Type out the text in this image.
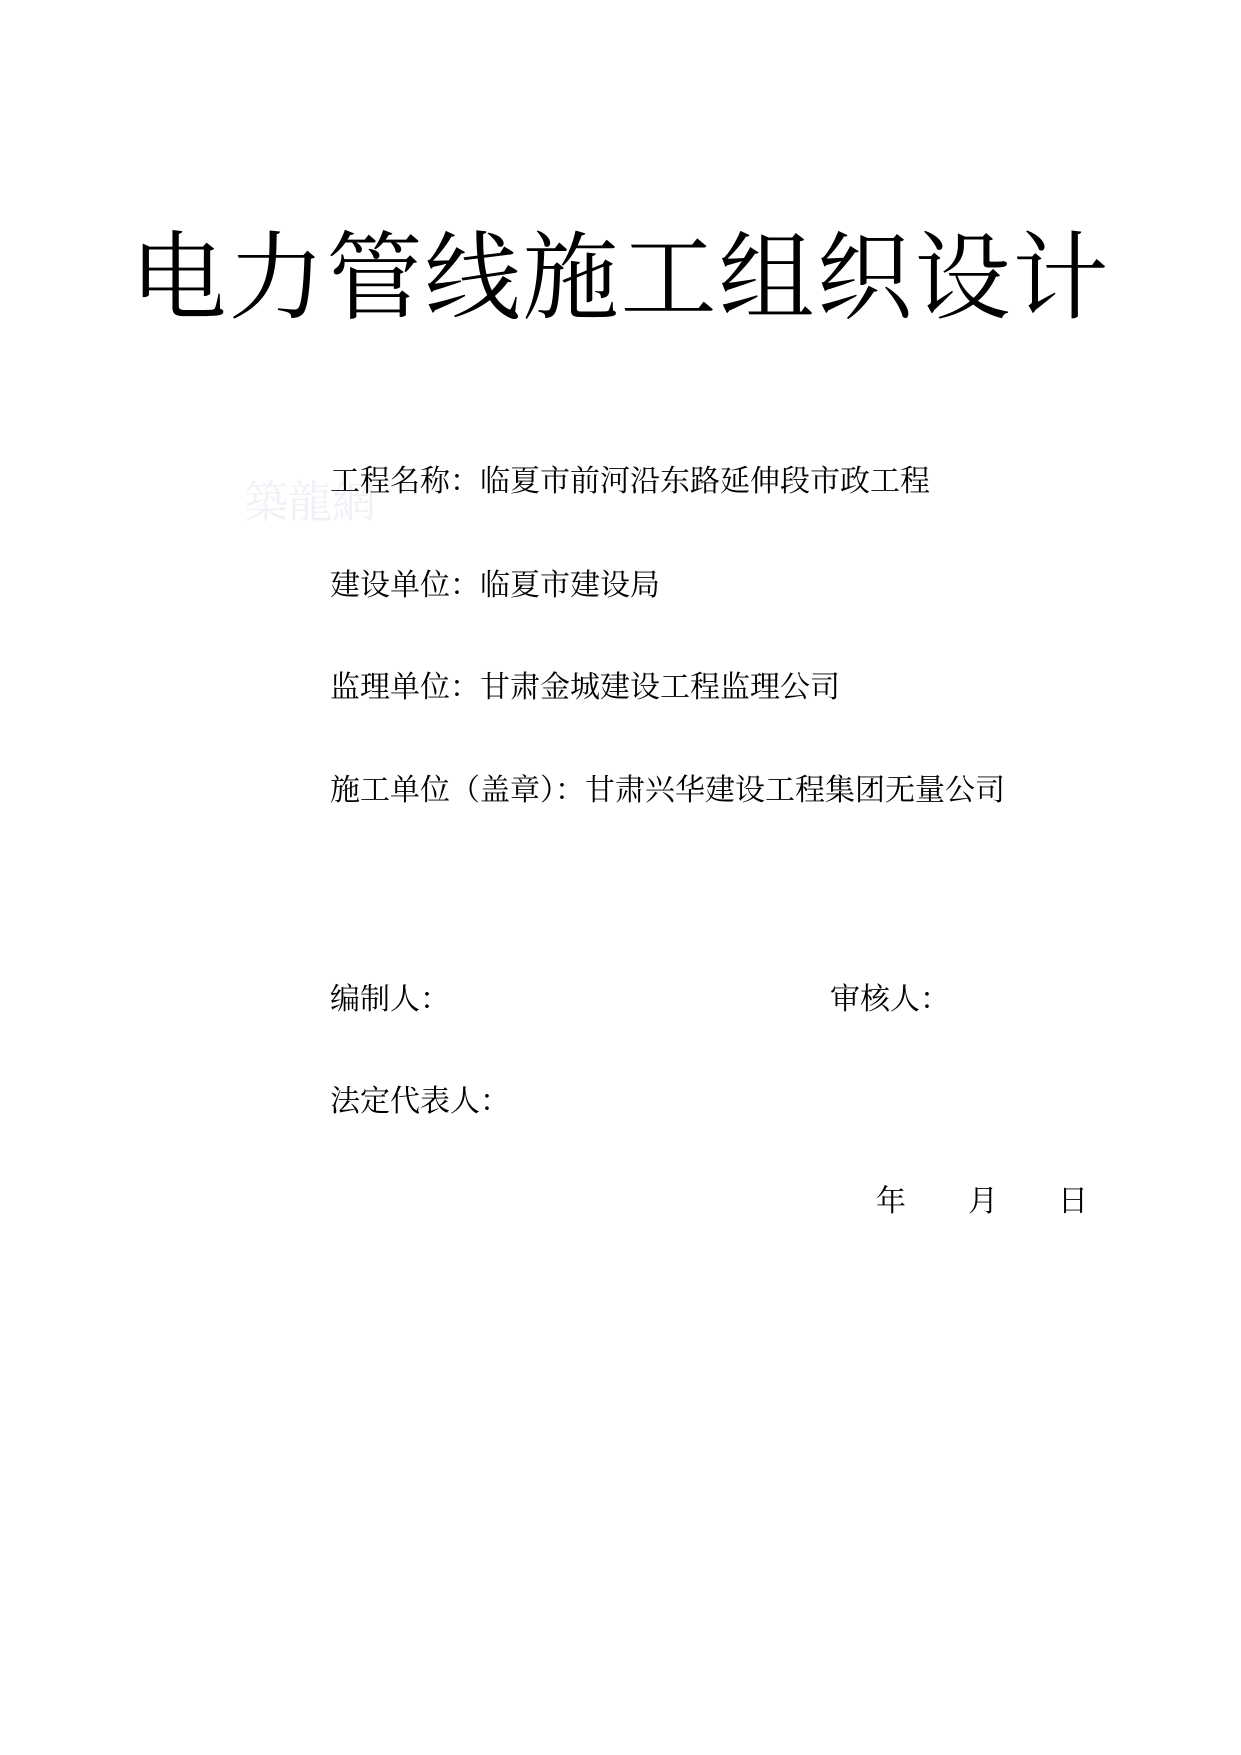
築龍網
电力管线施工组织设计
工程名称：临夏市前河沿东路延伸段市政工程
建设单位：临夏市建设局
监理单位：甘肃金城建设工程监理公司
施工单位（盖章）：甘肃兴华建设工程集团无量公司
编制人：	审核人：
法定代表人：
年 月 日
